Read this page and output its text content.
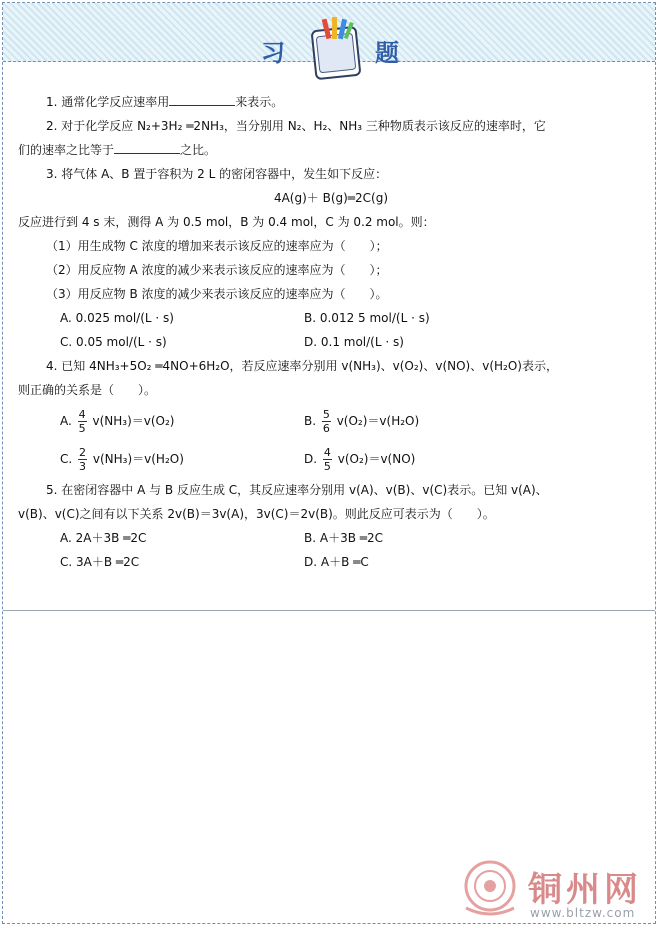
习	题
1. 通常化学反应速率用	来表示。
2. 对于化学反应 N₂+3H₂ ═2NH₃，当分别用 N₂、H₂、NH₃ 三种物质表示该反应的速率时，它
们的速率之比等于	之比。
3. 将气体 A、B 置于容积为 2 L 的密闭容器中，发生如下反应：
4A(g)＋ B(g)═2C(g)
反应进行到 4 s 末，测得 A 为 0.5 mol，B 为 0.4 mol，C 为 0.2 mol。则：
（1）用生成物 C 浓度的增加来表示该反应的速率应为（　　）；
（2）用反应物 A 浓度的减少来表示该反应的速率应为（　　）；
（3）用反应物 B 浓度的减少来表示该反应的速率应为（　　）。
A. 0.025 mol/(L · s)	B. 0.012 5 mol/(L · s)
C. 0.05 mol/(L · s)	D. 0.1 mol/(L · s)
4. 已知 4NH₃+5O₂ ═4NO+6H₂O，若反应速率分别用 v(NH₃)、v(O₂)、v(NO)、v(H₂O)表示，
则正确的关系是（　　）。
A. $\frac{4}{5} v(NH_3)=v(O_2)$	B. $\frac{5}{6} v(O_2)=v(H_2O)$
C. $\frac{2}{3} v(NH_3)=v(H_2O)$	D. $\frac{4}{5} v(O_2)=v(NO)$
5. 在密闭容器中 A 与 B 反应生成 C，其反应速率分别用 v(A)、v(B)、v(C)表示。已知 v(A)、
v(B)、v(C)之间有以下关系 2v(B)＝3v(A)，3v(C)＝2v(B)。则此反应可表示为（　　）。
A. 2A＋3B ═2C	B. A＋3B ═2C
C. 3A＋B ═2C	D. A＋B ═C
铜州网
www.bltzw.com
